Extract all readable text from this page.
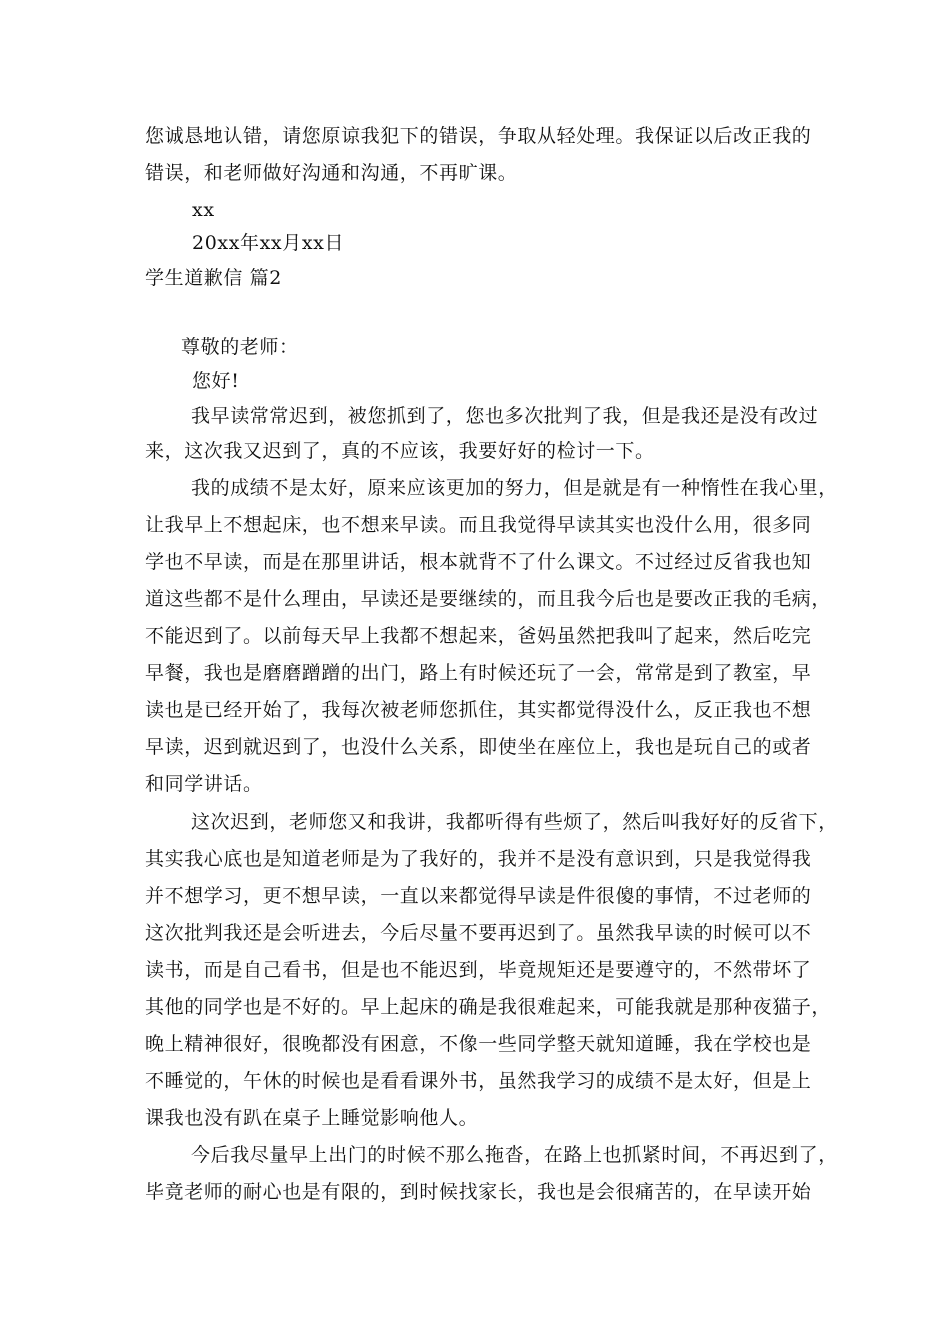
您诚恳地认错，请您原谅我犯下的错误，争取从轻处理。我保证以后改正我的
错误，和老师做好沟通和沟通，不再旷课。
xx
20xx年xx月xx日
学生道歉信 篇2
尊敬的老师：
您好!
我早读常常迟到，被您抓到了，您也多次批判了我，但是我还是没有改过
来，这次我又迟到了，真的不应该，我要好好的检讨一下。
我的成绩不是太好，原来应该更加的努力，但是就是有一种惰性在我心里，
让我早上不想起床，也不想来早读。而且我觉得早读其实也没什么用，很多同
学也不早读，而是在那里讲话，根本就背不了什么课文。不过经过反省我也知
道这些都不是什么理由，早读还是要继续的，而且我今后也是要改正我的毛病，
不能迟到了。以前每天早上我都不想起来，爸妈虽然把我叫了起来，然后吃完
早餐，我也是磨磨蹭蹭的出门，路上有时候还玩了一会，常常是到了教室，早
读也是已经开始了，我每次被老师您抓住，其实都觉得没什么，反正我也不想
早读，迟到就迟到了，也没什么关系，即使坐在座位上，我也是玩自己的或者
和同学讲话。
这次迟到，老师您又和我讲，我都听得有些烦了，然后叫我好好的反省下，
其实我心底也是知道老师是为了我好的，我并不是没有意识到，只是我觉得我
并不想学习，更不想早读，一直以来都觉得早读是件很傻的事情，不过老师的
这次批判我还是会听进去，今后尽量不要再迟到了。虽然我早读的时候可以不
读书，而是自己看书，但是也不能迟到，毕竟规矩还是要遵守的，不然带坏了
其他的同学也是不好的。早上起床的确是我很难起来，可能我就是那种夜猫子，
晚上精神很好，很晚都没有困意，不像一些同学整天就知道睡，我在学校也是
不睡觉的，午休的时候也是看看课外书，虽然我学习的成绩不是太好，但是上
课我也没有趴在桌子上睡觉影响他人。
今后我尽量早上出门的时候不那么拖沓，在路上也抓紧时间，不再迟到了，
毕竟老师的耐心也是有限的，到时候找家长，我也是会很痛苦的，在早读开始
